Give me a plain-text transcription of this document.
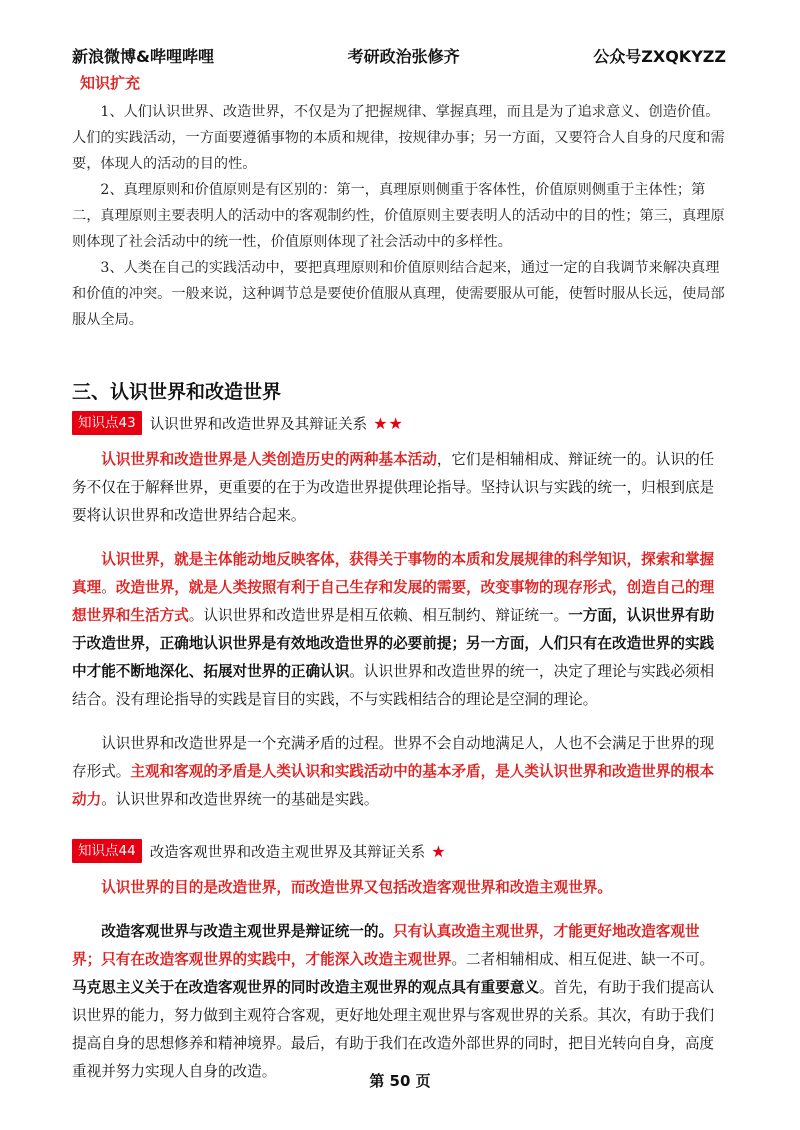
新浪微博&哔哩哔哩	考研政治张修齐	公众号ZXQKYZZ
知识扩充

1、人们认识世界、改造世界，不仅是为了把握规律、掌握真理，而且是为了追求意义、创造价值。人们的实践活动，一方面要遵循事物的本质和规律，按规律办事；另一方面，又要符合人自身的尺度和需要，体现人的活动的目的性。

2、真理原则和价值原则是有区别的：第一，真理原则侧重于客体性，价值原则侧重于主体性；第二，真理原则主要表明人的活动中的客观制约性，价值原则主要表明人的活动中的目的性；第三，真理原则体现了社会活动中的统一性，价值原则体现了社会活动中的多样性。

3、人类在自己的实践活动中，要把真理原则和价值原则结合起来，通过一定的自我调节来解决真理和价值的冲突。一般来说，这种调节总是要使价值服从真理，使需要服从可能，使暂时服从长远，使局部服从全局。

三、认识世界和改造世界
知识点43 认识世界和改造世界及其辩证关系 ★★

认识世界和改造世界是人类创造历史的两种基本活动，它们是相辅相成、辩证统一的。认识的任务不仅在于解释世界，更重要的在于为改造世界提供理论指导。坚持认识与实践的统一，归根到底是要将认识世界和改造世界结合起来。

认识世界，就是主体能动地反映客体，获得关于事物的本质和发展规律的科学知识，探索和掌握真理。改造世界，就是人类按照有利于自己生存和发展的需要，改变事物的现存形式，创造自己的理想世界和生活方式。认识世界和改造世界是相互依赖、相互制约、辩证统一。一方面，认识世界有助于改造世界，正确地认识世界是有效地改造世界的必要前提；另一方面，人们只有在改造世界的实践中才能不断地深化、拓展对世界的正确认识。认识世界和改造世界的统一，决定了理论与实践必须相结合。没有理论指导的实践是盲目的实践，不与实践相结合的理论是空洞的理论。

认识世界和改造世界是一个充满矛盾的过程。世界不会自动地满足人，人也不会满足于世界的现存形式。主观和客观的矛盾是人类认识和实践活动中的基本矛盾，是人类认识世界和改造世界的根本动力。认识世界和改造世界统一的基础是实践。

知识点44 改造客观世界和改造主观世界及其辩证关系 ★

认识世界的目的是改造世界，而改造世界又包括改造客观世界和改造主观世界。

改造客观世界与改造主观世界是辩证统一的。只有认真改造主观世界，才能更好地改造客观世界；只有在改造客观世界的实践中，才能深入改造主观世界。二者相辅相成、相互促进、缺一不可。马克思主义关于在改造客观世界的同时改造主观世界的观点具有重要意义。首先，有助于我们提高认识世界的能力，努力做到主观符合客观，更好地处理主观世界与客观世界的关系。其次，有助于我们提高自身的思想修养和精神境界。最后，有助于我们在改造外部世界的同时，把目光转向自身，高度重视并努力实现人自身的改造。

第 50 页
